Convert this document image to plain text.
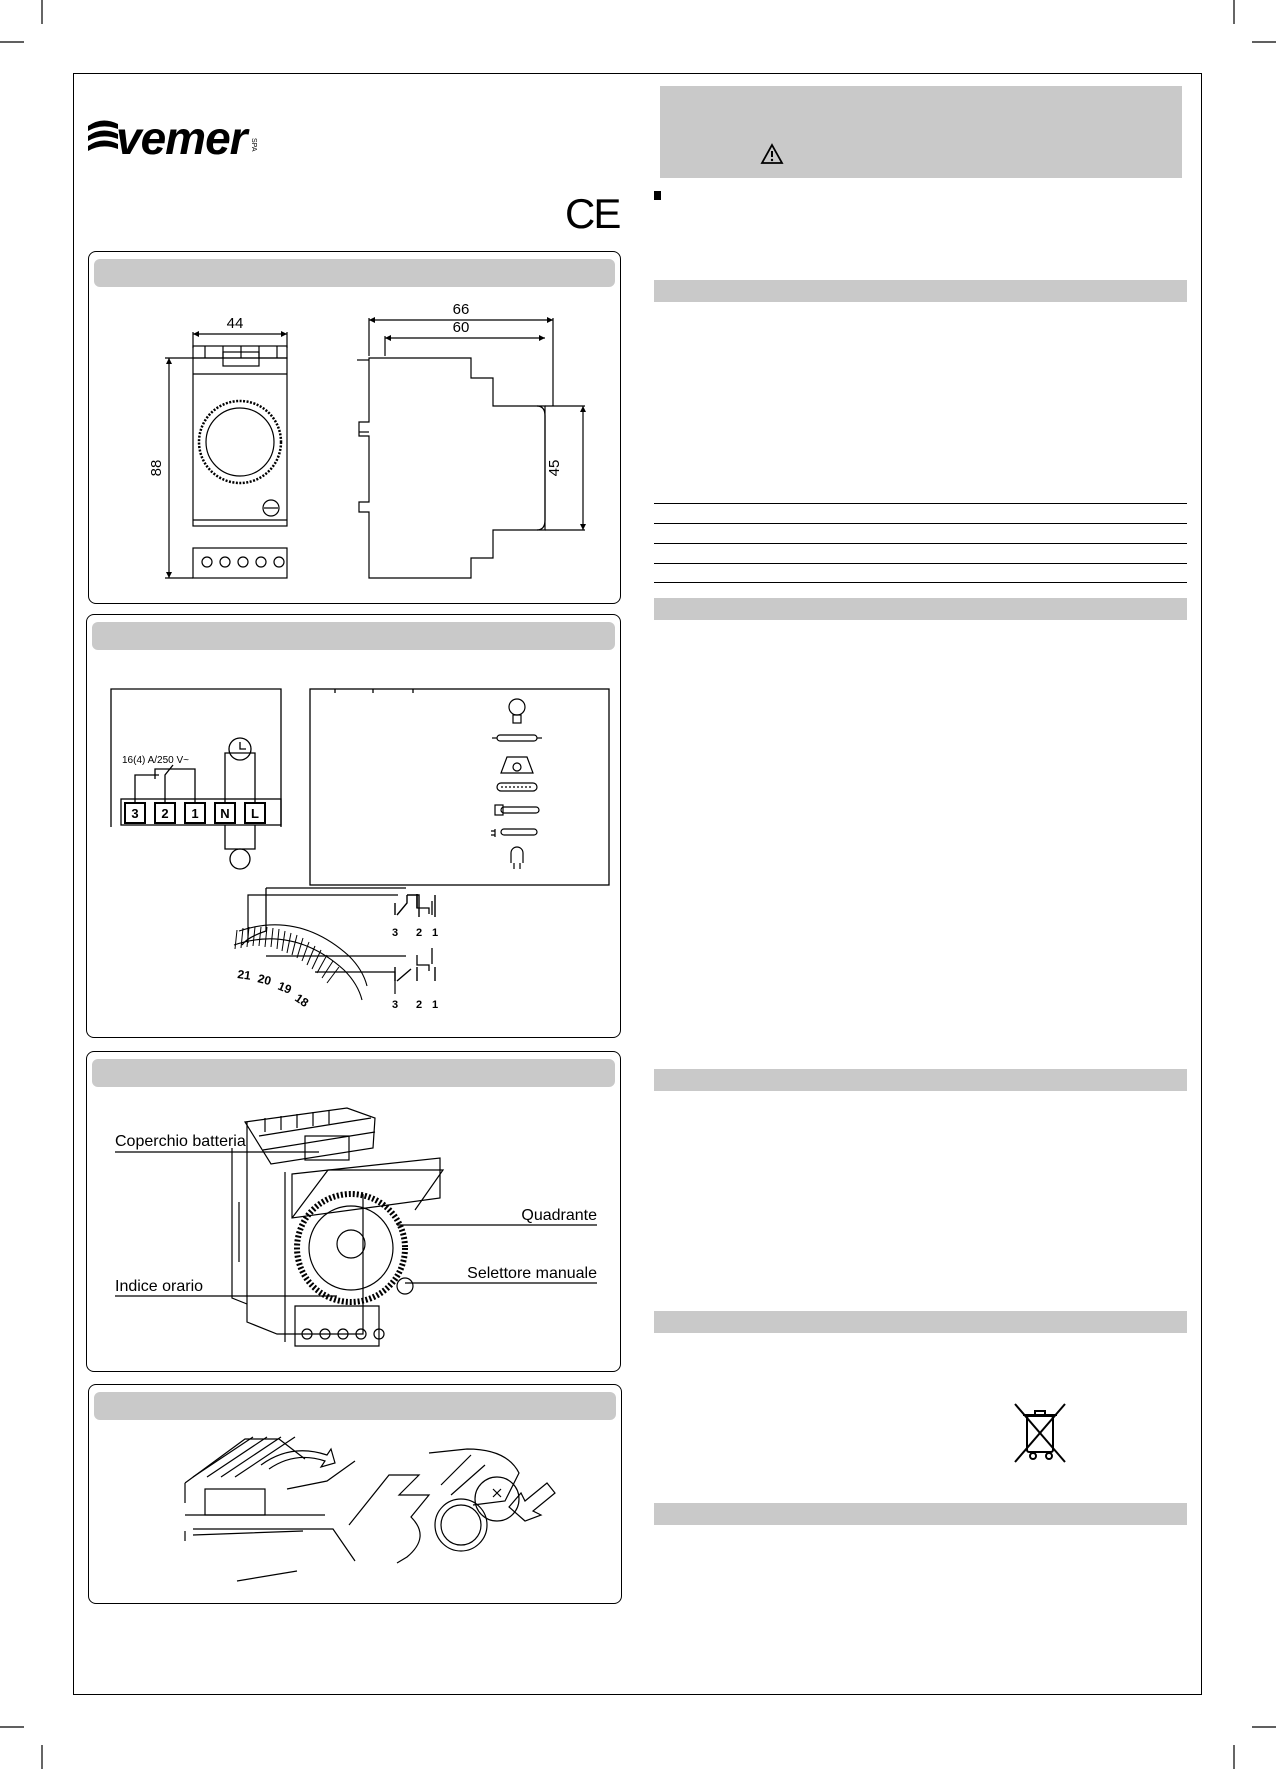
vemer SPA
CE
44
88
66
60
45
3 2 1
3 2 1
21 20 19
18
16(4) A/250 V~
3 2 1 N L
Coperchio batteria
Quadrante
Selettore manuale
Indice orario
